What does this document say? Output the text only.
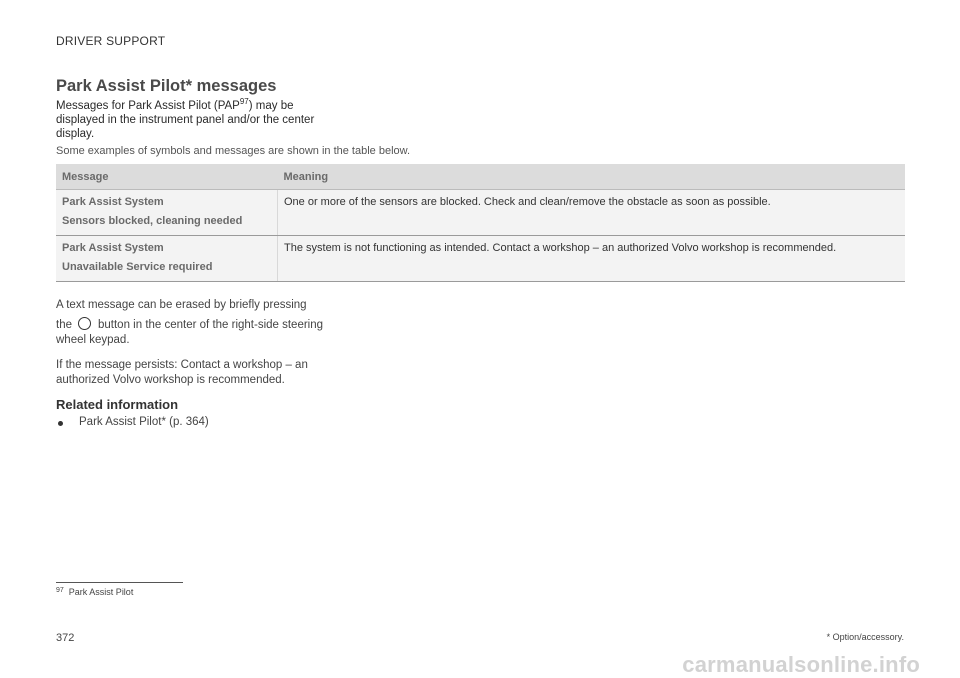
DRIVER SUPPORT
Park Assist Pilot* messages
Messages for Park Assist Pilot (PAP$^{97}$) may be displayed in the instrument panel and/or the center display.
Some examples of symbols and messages are shown in the table below.
Message	Meaning

Park Assist System
Sensors blocked, cleaning needed	One or more of the sensors are blocked. Check and clean/remove the obstacle as soon as possible.

Park Assist System
Unavailable Service required	The system is not functioning as intended. Contact a workshop – an authorized Volvo workshop is recommended.
A text message can be erased by briefly pressing
the button in the center of the right-side steering wheel keypad.
If the message persists: Contact a workshop – an authorized Volvo workshop is recommended.
Related information
Park Assist Pilot* (p. 364)
$^{97}$ Park Assist Pilot
372	* Option/accessory.
carmanualsonline.info
